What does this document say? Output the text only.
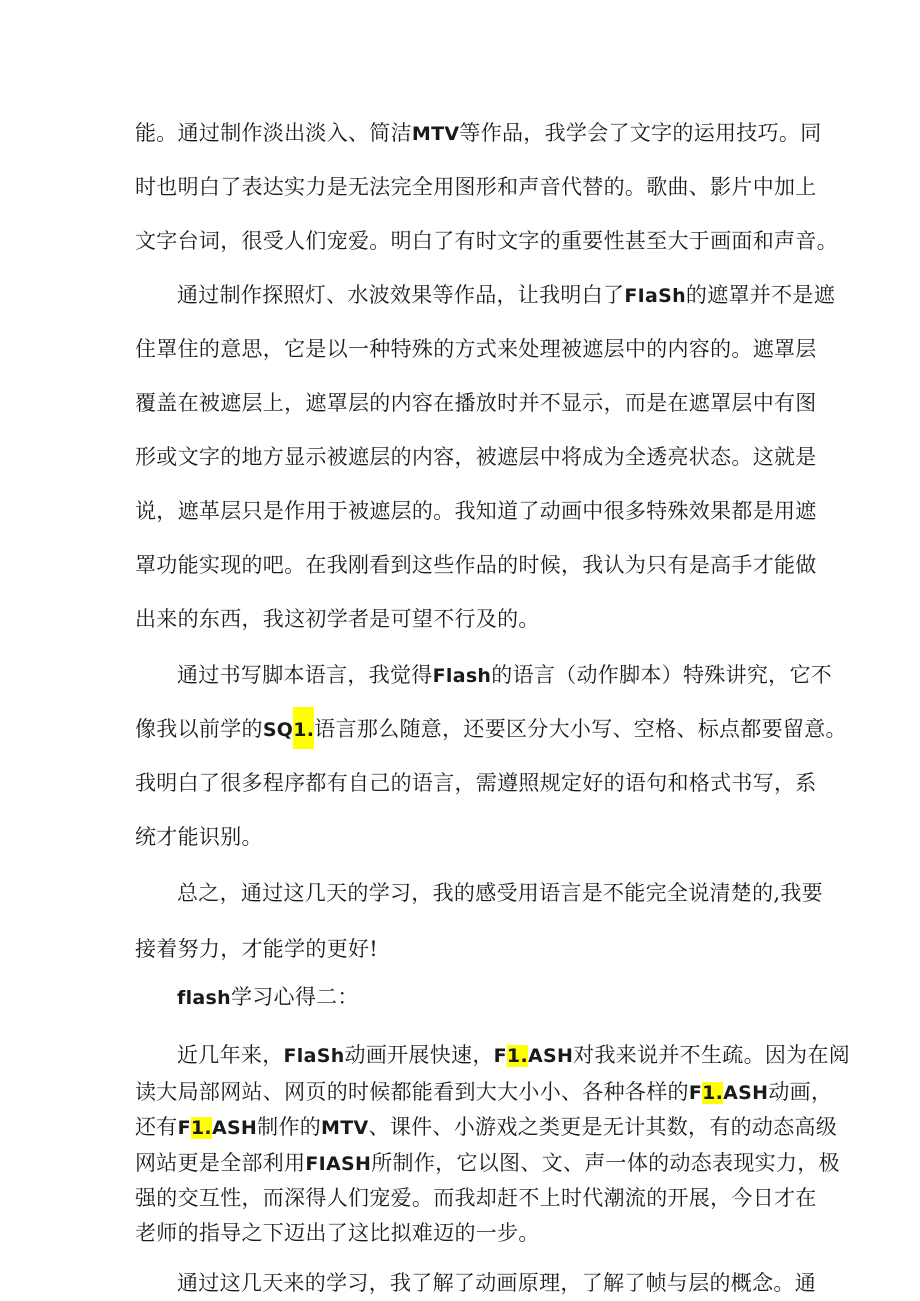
能。通过制作淡出淡入、简洁MTV等作品，我学会了文字的运用技巧。同
时也明白了表达实力是无法完全用图形和声音代替的。歌曲、影片中加上
文字台词，很受人们宠爱。明白了有时文字的重要性甚至大于画面和声音。
通过制作探照灯、水波效果等作品，让我明白了FIaSh的遮罩并不是遮
住罩住的意思，它是以一种特殊的方式来处理被遮层中的内容的。遮罩层
覆盖在被遮层上，遮罩层的内容在播放时并不显示，而是在遮罩层中有图
形或文字的地方显示被遮层的内容，被遮层中将成为全透亮状态。这就是
说，遮革层只是作用于被遮层的。我知道了动画中很多特殊效果都是用遮
罩功能实现的吧。在我刚看到这些作品的时候，我认为只有是高手才能做
出来的东西，我这初学者是可望不行及的。
通过书写脚本语言，我觉得Flash的语言（动作脚本）特殊讲究，它不
像我以前学的SQ1.语言那么随意，还要区分大小写、空格、标点都要留意。
我明白了很多程序都有自己的语言，需遵照规定好的语句和格式书写，系
统才能识别。
总之，通过这几天的学习，我的感受用语言是不能完全说清楚的,我要
接着努力，才能学的更好!
flash学习心得二：
近几年来，FlaSh动画开展快速，F1.ASH对我来说并不生疏。因为在阅
读大局部网站、网页的时候都能看到大大小小、各种各样的F1.ASH动画，
还有F1.ASH制作的MTV、课件、小游戏之类更是无计其数，有的动态高级
网站更是全部利用FIASH所制作，它以图、文、声一体的动态表现实力，极
强的交互性，而深得人们宠爱。而我却赶不上时代潮流的开展，今日才在
老师的指导之下迈出了这比拟难迈的一步。
通过这几天来的学习，我了解了动画原理，了解了帧与层的概念。通
